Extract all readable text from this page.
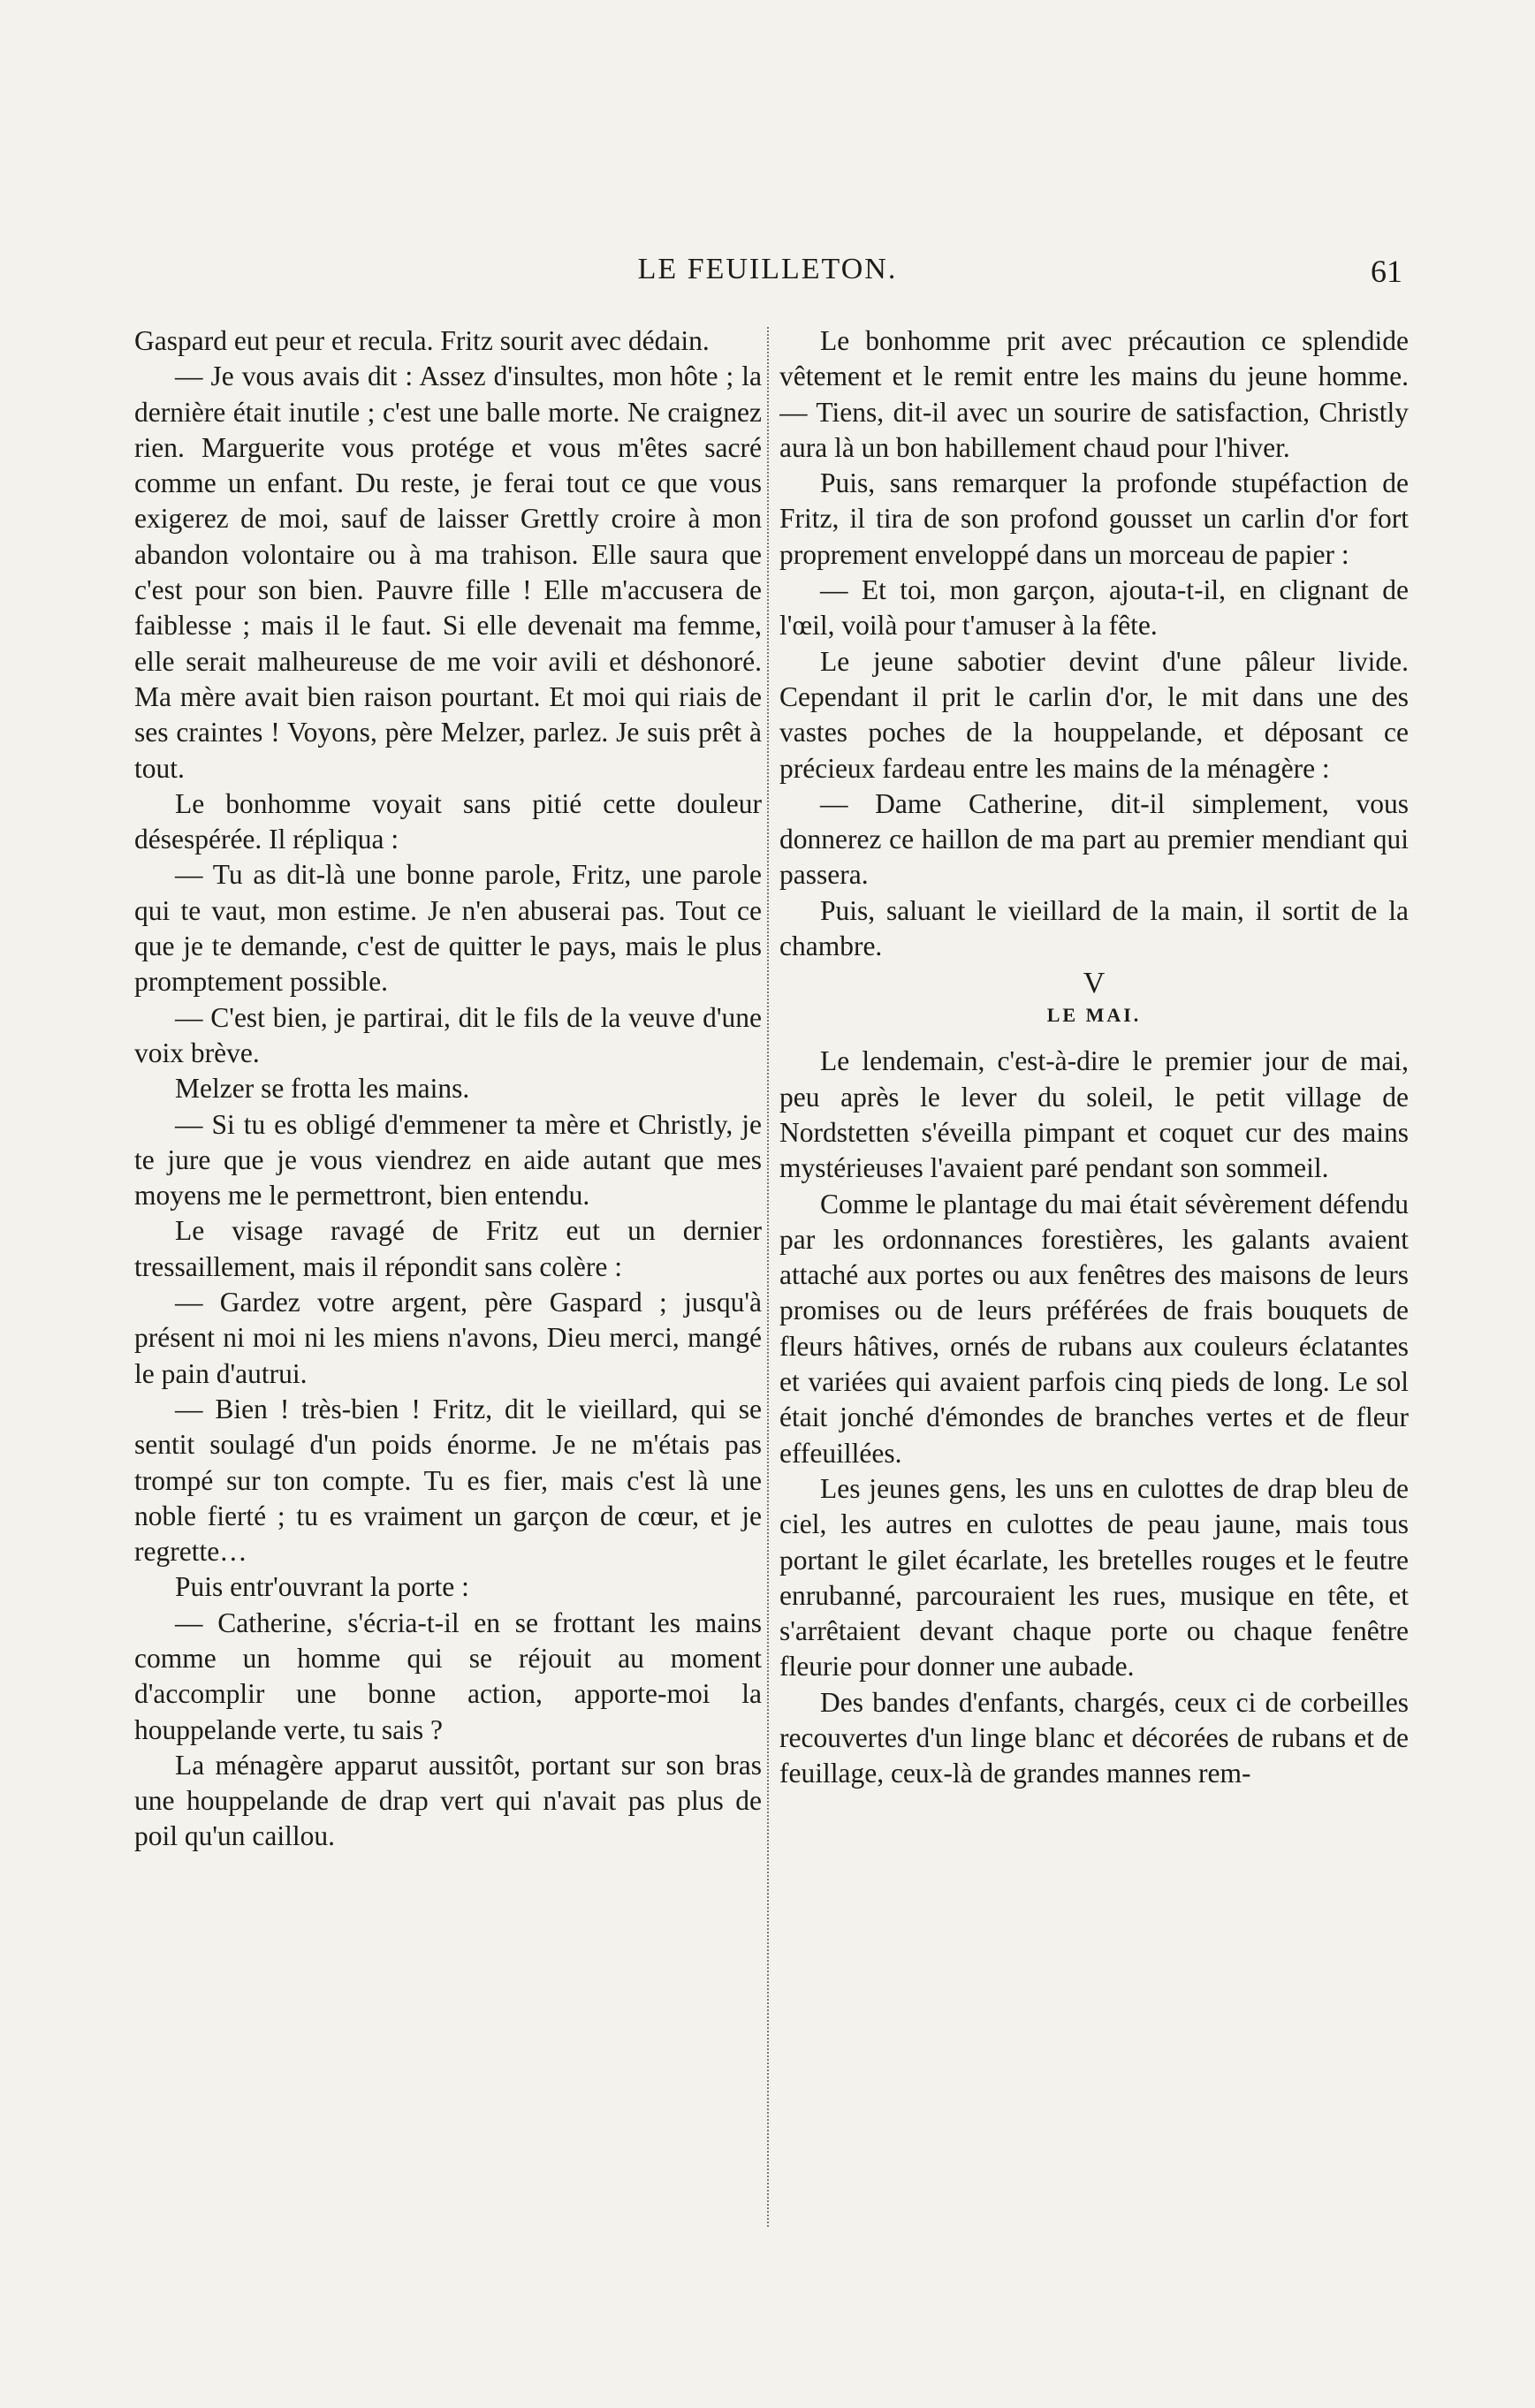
LE FEUILLETON.	61

Gaspard eut peur et recula. Fritz sourit avec dédain.

— Je vous avais dit : Assez d'insultes, mon hôte ; la dernière était inutile ; c'est une balle morte. Ne craignez rien. Marguerite vous protége et vous m'êtes sacré comme un enfant. Du reste, je ferai tout ce que vous exigerez de moi, sauf de laisser Grettly croire à mon abandon volontaire ou à ma trahison. Elle saura que c'est pour son bien. Pauvre fille ! Elle m'accusera de faiblesse ; mais il le faut. Si elle devenait ma femme, elle serait malheureuse de me voir avili et déshonoré. Ma mère avait bien raison pourtant. Et moi qui riais de ses craintes ! Voyons, père Melzer, parlez. Je suis prêt à tout.

Le bonhomme voyait sans pitié cette douleur désespérée. Il répliqua :

— Tu as dit-là une bonne parole, Fritz, une parole qui te vaut, mon estime. Je n'en abuserai pas. Tout ce que je te demande, c'est de quitter le pays, mais le plus promptement possible.

— C'est bien, je partirai, dit le fils de la veuve d'une voix brève.

Melzer se frotta les mains.

— Si tu es obligé d'emmener ta mère et Christly, je te jure que je vous viendrez en aide autant que mes moyens me le permettront, bien entendu.

Le visage ravagé de Fritz eut un dernier tressaillement, mais il répondit sans colère :

— Gardez votre argent, père Gaspard ; jusqu'à présent ni moi ni les miens n'avons, Dieu merci, mangé le pain d'autrui.

— Bien ! très-bien ! Fritz, dit le vieillard, qui se sentit soulagé d'un poids énorme. Je ne m'étais pas trompé sur ton compte. Tu es fier, mais c'est là une noble fierté ; tu es vraiment un garçon de cœur, et je regrette…

Puis entr'ouvrant la porte :

— Catherine, s'écria-t-il en se frottant les mains comme un homme qui se réjouit au moment d'accomplir une bonne action, apporte-moi la houppelande verte, tu sais ?

La ménagère apparut aussitôt, portant sur son bras une houppelande de drap vert qui n'avait pas plus de poil qu'un caillou.

Le bonhomme prit avec précaution ce splendide vêtement et le remit entre les mains du jeune homme. — Tiens, dit-il avec un sourire de satisfaction, Christly aura là un bon habillement chaud pour l'hiver.

Puis, sans remarquer la profonde stupéfaction de Fritz, il tira de son profond gousset un carlin d'or fort proprement enveloppé dans un morceau de papier :

— Et toi, mon garçon, ajouta-t-il, en clignant de l'œil, voilà pour t'amuser à la fête.

Le jeune sabotier devint d'une pâleur livide. Cependant il prit le carlin d'or, le mit dans une des vastes poches de la houppelande, et déposant ce précieux fardeau entre les mains de la ménagère :

— Dame Catherine, dit-il simplement, vous donnerez ce haillon de ma part au premier mendiant qui passera.

Puis, saluant le vieillard de la main, il sortit de la chambre.

V
LE MAI.

Le lendemain, c'est-à-dire le premier jour de mai, peu après le lever du soleil, le petit village de Nordstetten s'éveilla pimpant et coquet cur des mains mystérieuses l'avaient paré pendant son sommeil.

Comme le plantage du mai était sévèrement défendu par les ordonnances forestières, les galants avaient attaché aux portes ou aux fenêtres des maisons de leurs promises ou de leurs préférées de frais bouquets de fleurs hâtives, ornés de rubans aux couleurs éclatantes et variées qui avaient parfois cinq pieds de long. Le sol était jonché d'émondes de branches vertes et de fleur effeuillées.

Les jeunes gens, les uns en culottes de drap bleu de ciel, les autres en culottes de peau jaune, mais tous portant le gilet écarlate, les bretelles rouges et le feutre enrubanné, parcouraient les rues, musique en tête, et s'arrêtaient devant chaque porte ou chaque fenêtre fleurie pour donner une aubade.

Des bandes d'enfants, chargés, ceux ci de corbeilles recouvertes d'un linge blanc et décorées de rubans et de feuillage, ceux-là de grandes mannes rem-
